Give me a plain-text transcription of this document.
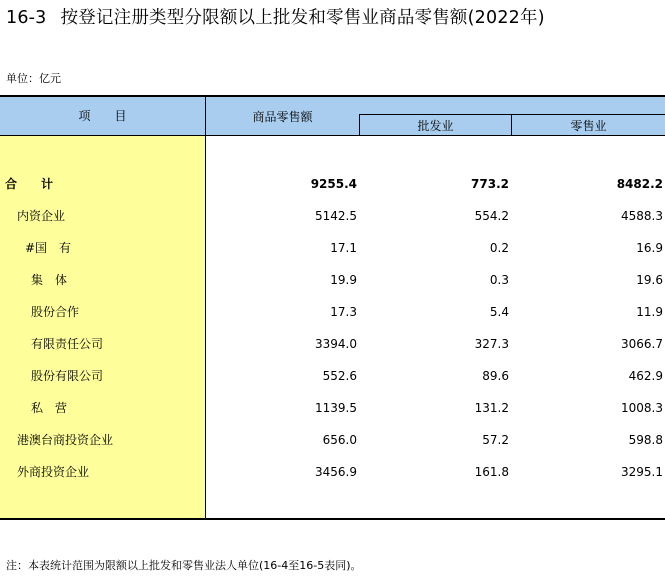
16-3 按登记注册类型分限额以上批发和零售业商品零售额(2022年)
单位：亿元
项　　目	商品零售额
批发业	零售业
合　　计	9255.4	773.2	8482.2
内资企业	5142.5	554.2	4588.3
#国　有	17.1	0.2	16.9
集　体	19.9	0.3	19.6
股份合作	17.3	5.4	11.9
有限责任公司	3394.0	327.3	3066.7
股份有限公司	552.6	89.6	462.9
私　营	1139.5	131.2	1008.3
港澳台商投资企业	656.0	57.2	598.8
外商投资企业	3456.9	161.8	3295.1
注：本表统计范围为限额以上批发和零售业法人单位(16-4至16-5表同)。
